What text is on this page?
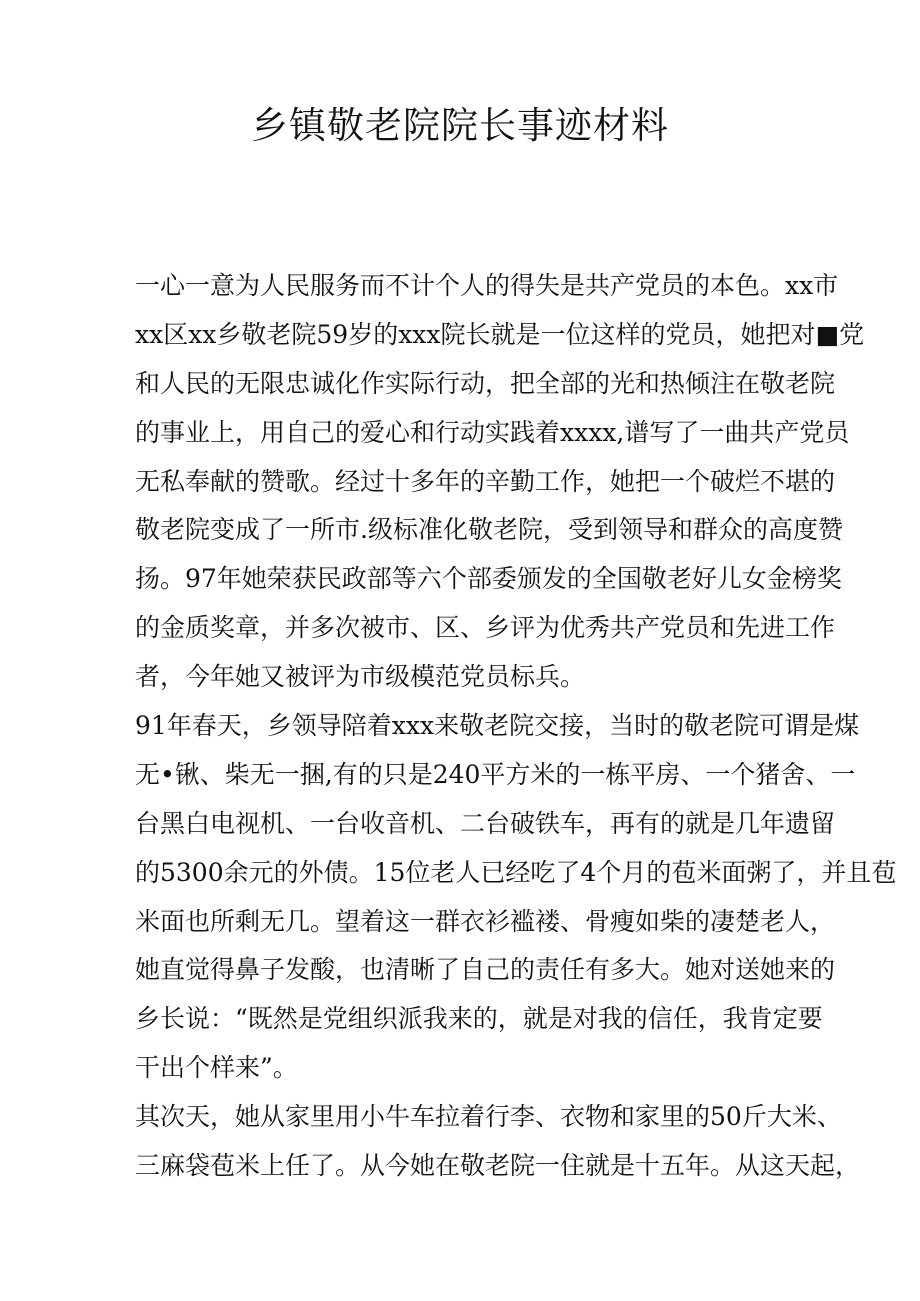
乡镇敬老院院长事迹材料
一心一意为人民服务而不计个人的得失是共产党员的本色。xx市
xx区xx乡敬老院59岁的xxx院长就是一位这样的党员，她把对■党
和人民的无限忠诚化作实际行动，把全部的光和热倾注在敬老院
的事业上，用自己的爱心和行动实践着xxxx,谱写了一曲共产党员
无私奉献的赞歌。经过十多年的辛勤工作，她把一个破烂不堪的
敬老院变成了一所市.级标准化敬老院，受到领导和群众的高度赞
扬。97年她荣获民政部等六个部委颁发的全国敬老好儿女金榜奖
的金质奖章，并多次被市、区、乡评为优秀共产党员和先进工作
者，今年她又被评为市级模范党员标兵。
91年春天，乡领导陪着xxx来敬老院交接，当时的敬老院可谓是煤
无•锹、柴无一捆,有的只是240平方米的一栋平房、一个猪舍、一
台黑白电视机、一台收音机、二台破铁车，再有的就是几年遗留
的5300余元的外债。15位老人已经吃了4个月的苞米面粥了，并且苞
米面也所剩无几。望着这一群衣衫褴褛、骨瘦如柴的凄楚老人，
她直觉得鼻子发酸，也清晰了自己的责任有多大。她对送她来的
乡长说：“既然是党组织派我来的，就是对我的信任，我肯定要
干出个样来”。
其次天，她从家里用小牛车拉着行李、衣物和家里的50斤大米、
三麻袋苞米上任了。从今她在敬老院一住就是十五年。从这天起，
